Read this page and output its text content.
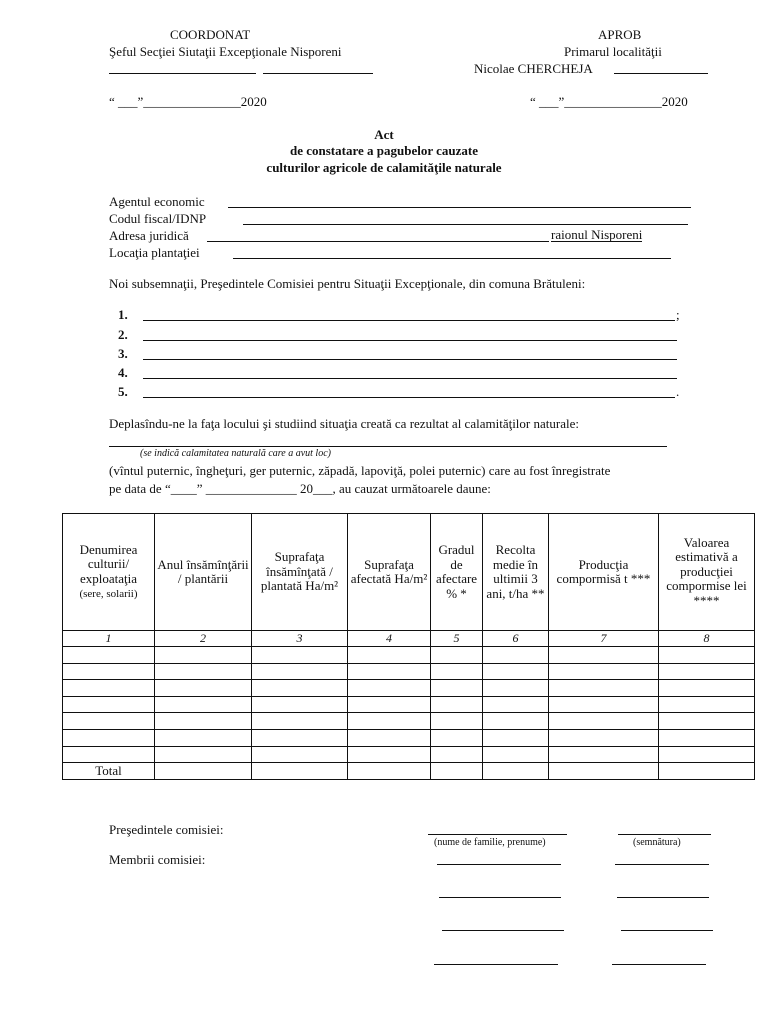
COORDONAT
Şeful Secţiei Siutaţii Excepţionale Nisporeni
APROB
Primarul localităţii
Nicolae CHERCHEJA
“ ___”_______________2020	“ ___”_______________2020
Act
de constatare a pagubelor cauzate
culturilor agricole de calamităţile naturale
Agentul economic
Codul fiscal/IDNP
Adresa juridică	raionul Nisporeni
Locaţia plantaţiei
Noi subsemnaţii, Preşedintele Comisiei pentru Situaţii Excepţionale, din comuna Brătuleni:
1.	;
2.
3.
4.
5.	.
Deplasîndu-ne la faţa locului şi studiind situaţia creată ca rezultat al calamităţilor naturale:
(se indică calamitatea naturală care a avut loc)
(vîntul puternic, îngheţuri, ger puternic, zăpadă, lapoviţă, polei puternic) care au fost înregistrate
pe data de “____” ______________ 20___, au cauzat următoarele daune:
Denumirea culturii/ exploataţia
(sere, solarii)	Anul însămînţării / plantării	Suprafaţa însămînţată / plantată Ha/m²	Suprafaţa afectată Ha/m²	Gradul de afectare % *	Recolta medie în ultimii 3 ani, t/ha **	Producţia compormisă t ***	Valoarea estimativă a producţiei compormise lei ****
1	2	3	4	5	6	7	8

Total							
Preşedintele comisiei:
(nume de familie, prenume)	(semnătura)
Membrii comisiei:
